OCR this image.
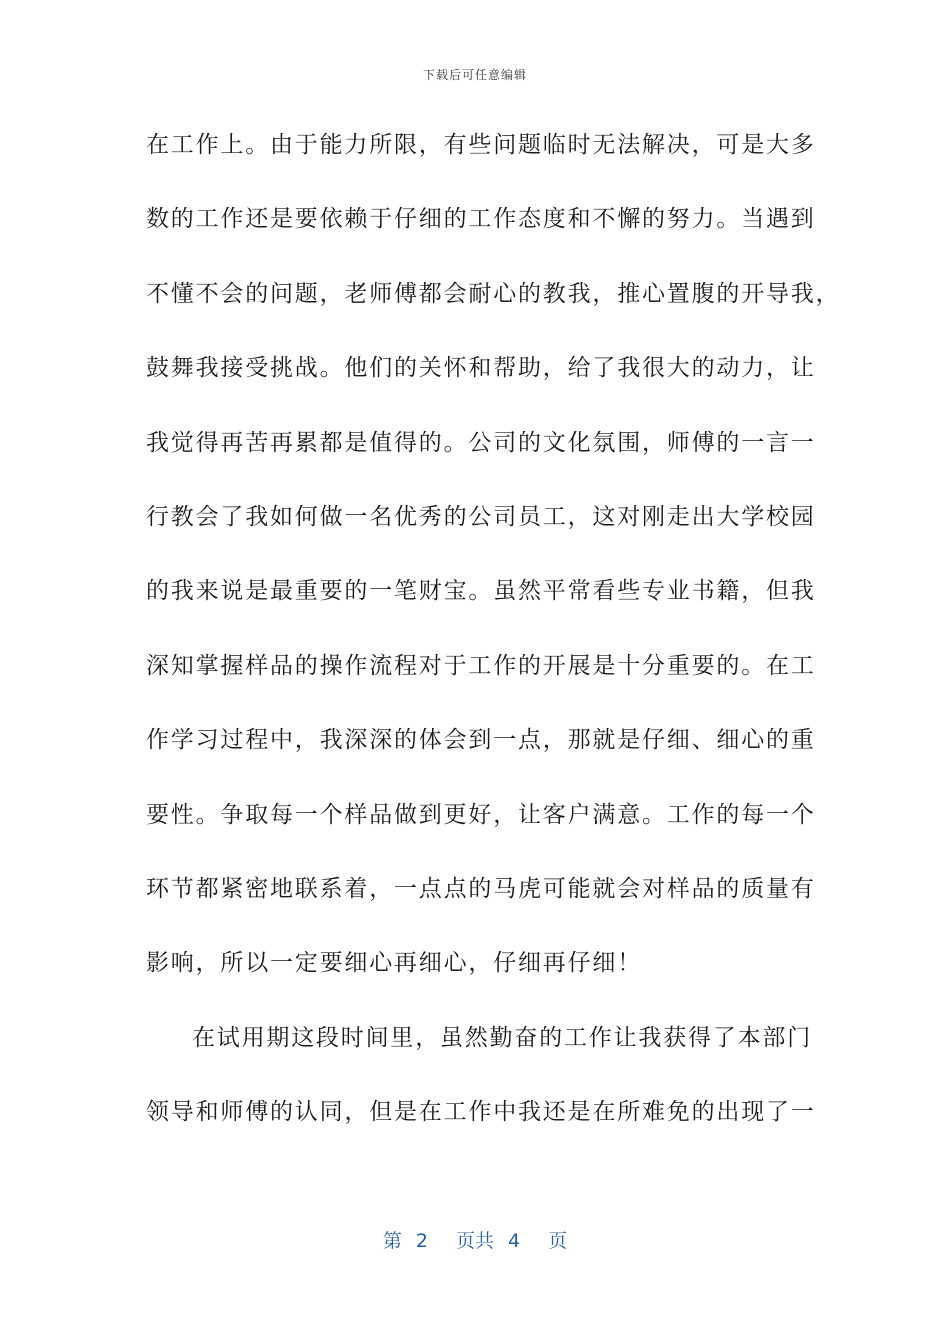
下载后可任意编辑
在工作上。由于能力所限，有些问题临时无法解决，可是大多
数的工作还是要依赖于仔细的工作态度和不懈的努力。当遇到
不懂不会的问题，老师傅都会耐心的教我，推心置腹的开导我，
鼓舞我接受挑战。他们的关怀和帮助，给了我很大的动力，让
我觉得再苦再累都是值得的。公司的文化氛围，师傅的一言一
行教会了我如何做一名优秀的公司员工，这对刚走出大学校园
的我来说是最重要的一笔财宝。虽然平常看些专业书籍，但我
深知掌握样品的操作流程对于工作的开展是十分重要的。在工
作学习过程中，我深深的体会到一点，那就是仔细、细心的重
要性。争取每一个样品做到更好，让客户满意。工作的每一个
环节都紧密地联系着，一点点的马虎可能就会对样品的质量有
影响，所以一定要细心再细心，仔细再仔细！
在试用期这段时间里，虽然勤奋的工作让我获得了本部门
领导和师傅的认同，但是在工作中我还是在所难免的出现了一
第 2 页共 4 页
